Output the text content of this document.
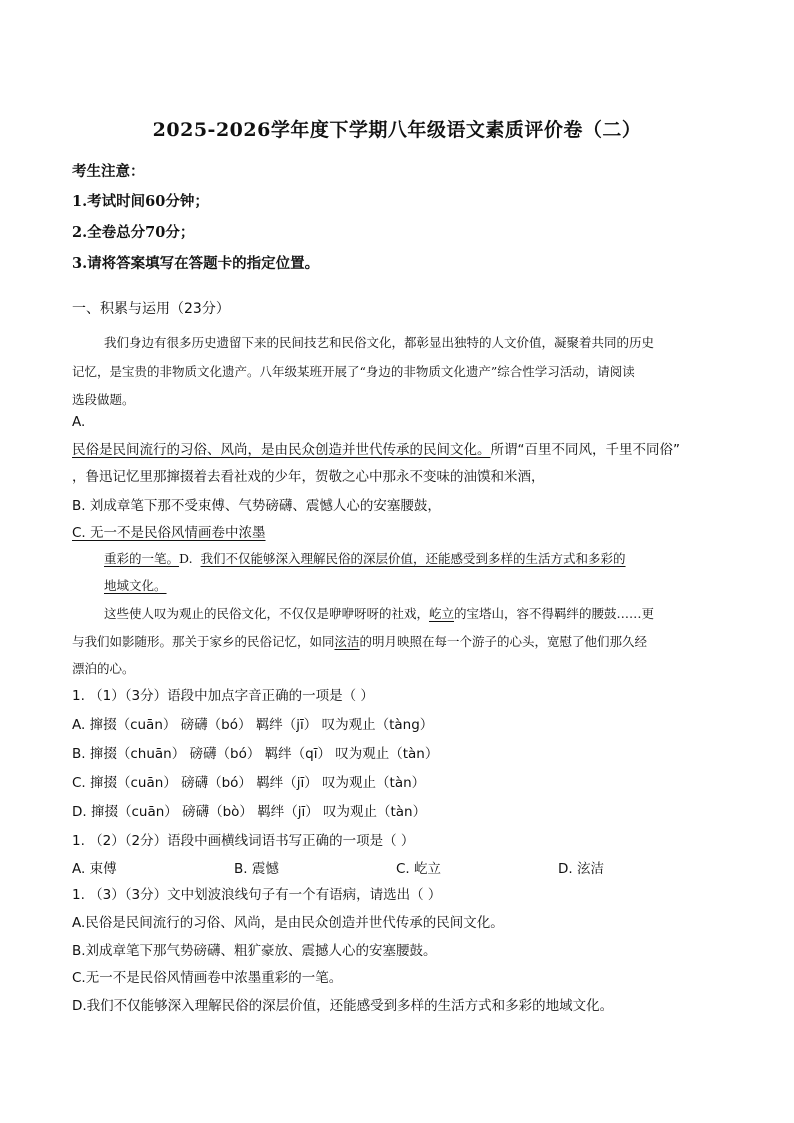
2025-2026学年度下学期八年级语文素质评价卷（二）
考生注意：
1.考试时间60分钟；
2.全卷总分70分；
3.请将答案填写在答题卡的指定位置。
一、积累与运用（23分）
我们身边有很多历史遗留下来的民间技艺和民俗文化，都彰显出独特的人文价值，凝聚着共同的历史
记忆，是宝贵的非物质文化遗产。八年级某班开展了“身边的非物质文化遗产”综合性学习活动，请阅读
选段做题。
A.
民俗是民间流行的习俗、风尚，是由民众创造并世代传承的民间文化。所谓“百里不同风，千里不同俗”
，鲁迅记忆里那撺掇着去看社戏的少年，贺敬之心中那永不变味的油馍和米酒，
B. 刘成章笔下那不受束傅、气势磅礴、震憾人心的安塞腰鼓，
C. 无一不是民俗风情画卷中浓墨
重彩的一笔。D. 我们不仅能够深入理解民俗的深层价值，还能感受到多样的生活方式和多彩的
地域文化。
这些使人叹为观止的民俗文化，不仅仅是咿咿呀呀的社戏，屹立的宝塔山，容不得羁绊的腰鼓……更
与我们如影随形。那关于家乡的民俗记忆，如同泫洁的明月映照在每一个游子的心头，宽慰了他们那久经
漂泊的心。
1. （1）（3分）语段中加点字音正确的一项是（ ）
A. 撺掇（cuān） 磅礴（bó） 羁绊（jī） 叹为观止（tàng）
B. 撺掇（chuān） 磅礴（bó） 羁绊（qī） 叹为观止（tàn）
C. 撺掇（cuān） 磅礴（bó） 羁绊（jī） 叹为观止（tàn）
D. 撺掇（cuān） 磅礴（bò） 羁绊（jī） 叹为观止（tàn）
1. （2）（2分）语段中画横线词语书写正确的一项是（ ）
A. 束傅	B. 震憾	C. 屹立	D. 泫洁
1. （3）（3分）文中划波浪线句子有一个有语病，请选出（ ）
A.民俗是民间流行的习俗、风尚，是由民众创造并世代传承的民间文化。
B.刘成章笔下那气势磅礴、粗犷豪放、震撼人心的安塞腰鼓。
C.无一不是民俗风情画卷中浓墨重彩的一笔。
D.我们不仅能够深入理解民俗的深层价值，还能感受到多样的生活方式和多彩的地域文化。
